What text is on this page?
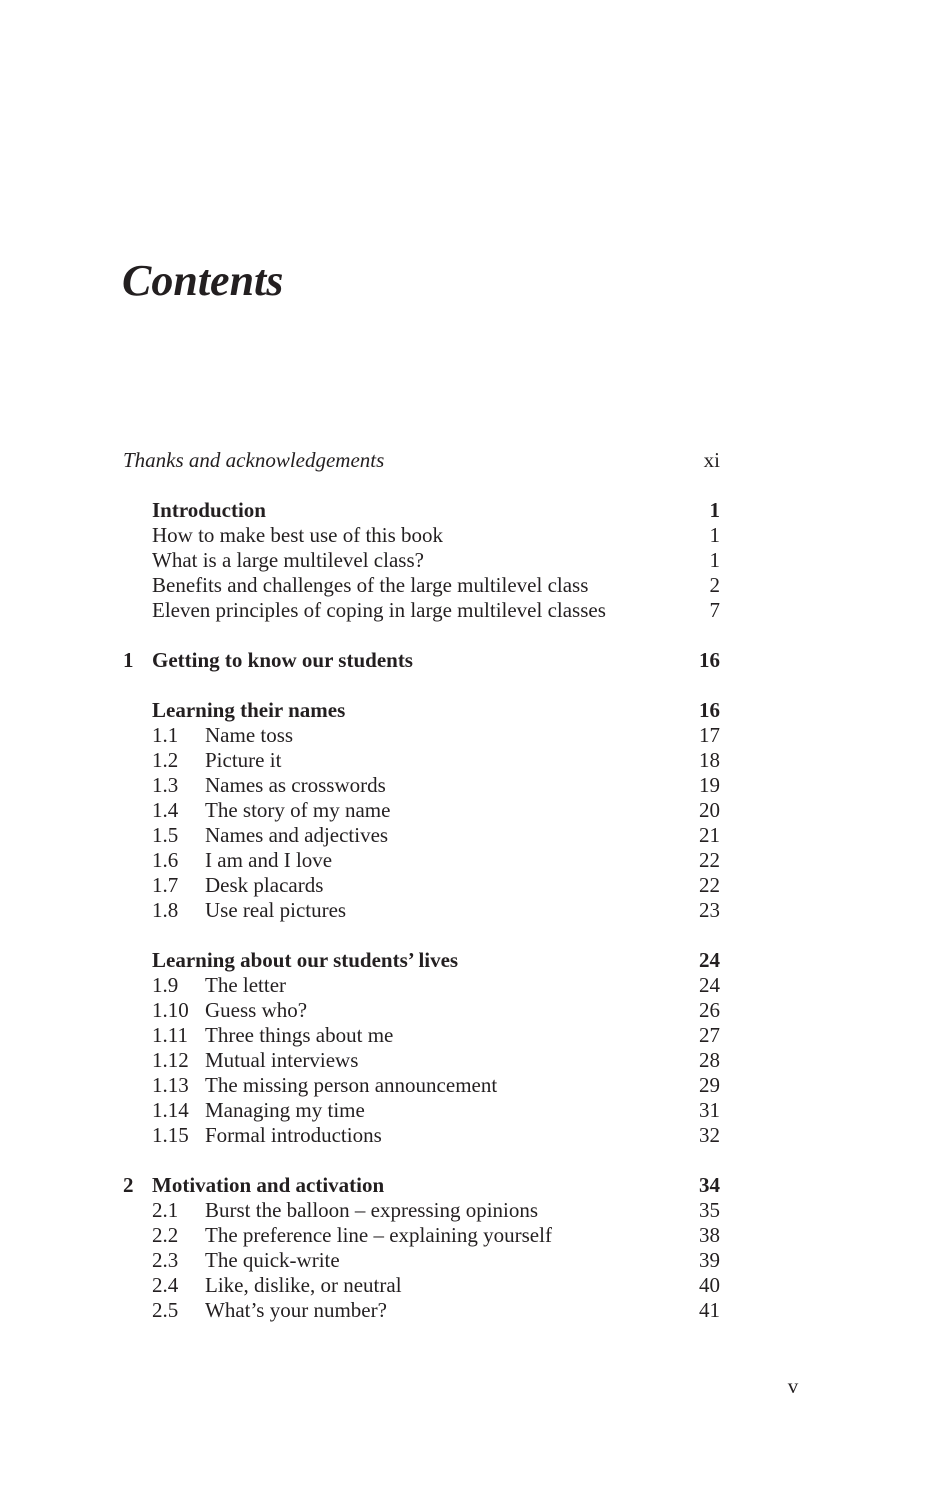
Contents
Thanks and acknowledgements	xi
Introduction	1
How to make best use of this book	1
What is a large multilevel class?	1
Benefits and challenges of the large multilevel class	2
Eleven principles of coping in large multilevel classes	7
1 Getting to know our students	16
Learning their names	16
1.1	Name toss	17
1.2	Picture it	18
1.3	Names as crosswords	19
1.4	The story of my name	20
1.5	Names and adjectives	21
1.6	I am and I love	22
1.7	Desk placards	22
1.8	Use real pictures	23
Learning about our students’ lives	24
1.9	The letter	24
1.10 Guess who?	26
1.11 Three things about me	27
1.12 Mutual interviews	28
1.13 The missing person announcement	29
1.14 Managing my time	31
1.15 Formal introductions	32
2 Motivation and activation	34
2.1	Burst the balloon – expressing opinions	35
2.2	The preference line – explaining yourself	38
2.3	The quick-write	39
2.4	Like, dislike, or neutral	40
2.5	What’s your number?	41
v
